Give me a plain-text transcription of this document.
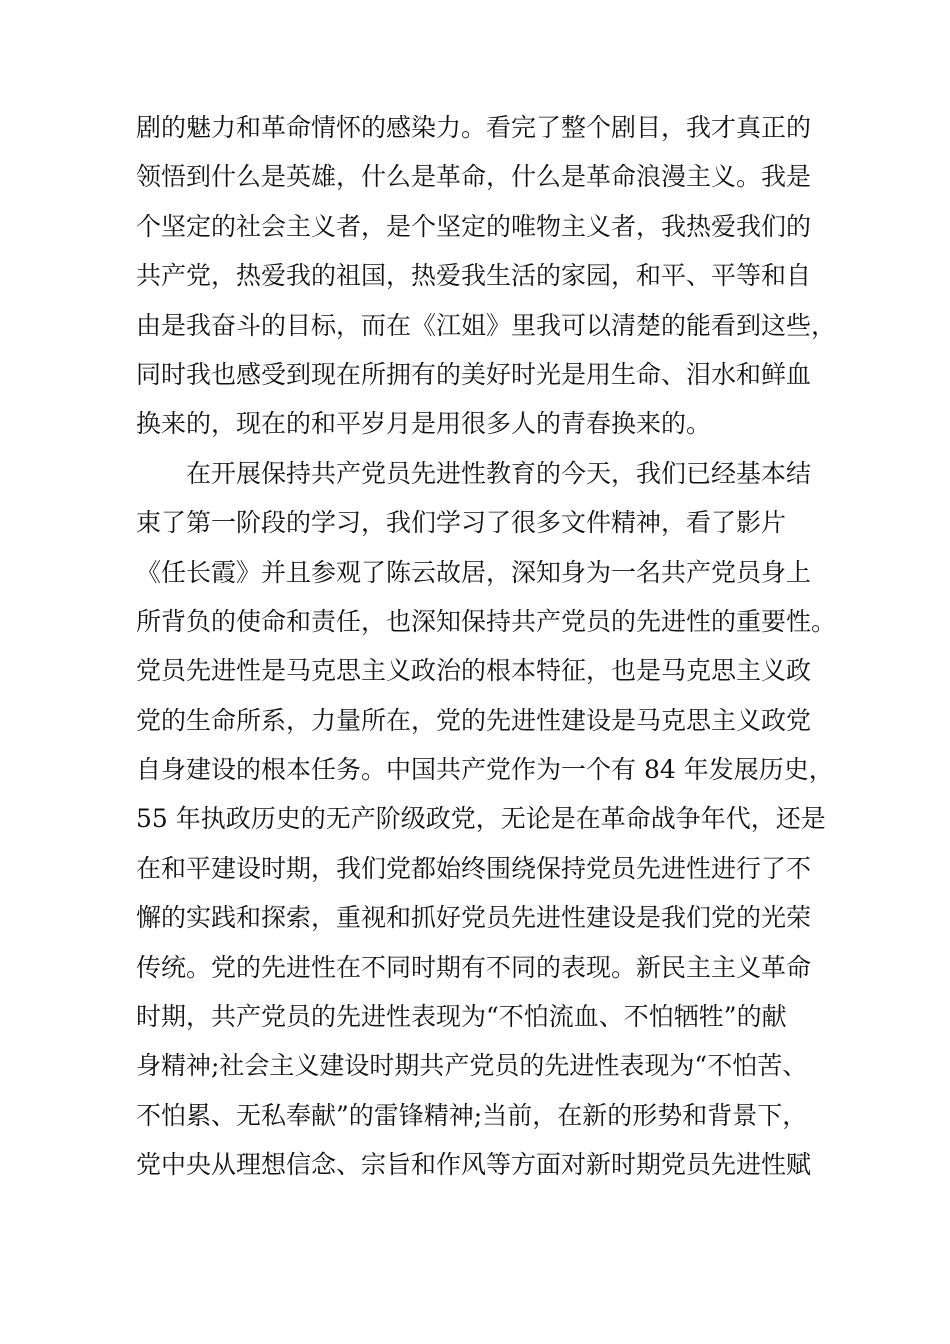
剧的魅力和革命情怀的感染力。看完了整个剧目，我才真正的
领悟到什么是英雄，什么是革命，什么是革命浪漫主义。我是
个坚定的社会主义者，是个坚定的唯物主义者，我热爱我们的
共产党，热爱我的祖国，热爱我生活的家园，和平、平等和自
由是我奋斗的目标，而在《江姐》里我可以清楚的能看到这些，
同时我也感受到现在所拥有的美好时光是用生命、泪水和鲜血
换来的，现在的和平岁月是用很多人的青春换来的。
在开展保持共产党员先进性教育的今天，我们已经基本结
束了第一阶段的学习，我们学习了很多文件精神，看了影片
《任长霞》并且参观了陈云故居，深知身为一名共产党员身上
所背负的使命和责任，也深知保持共产党员的先进性的重要性。
党员先进性是马克思主义政治的根本特征，也是马克思主义政
党的生命所系，力量所在，党的先进性建设是马克思主义政党
自身建设的根本任务。中国共产党作为一个有 84 年发展历史，
55 年执政历史的无产阶级政党，无论是在革命战争年代，还是
在和平建设时期，我们党都始终围绕保持党员先进性进行了不
懈的实践和探索，重视和抓好党员先进性建设是我们党的光荣
传统。党的先进性在不同时期有不同的表现。新民主主义革命
时期，共产党员的先进性表现为“不怕流血、不怕牺牲”的献
身精神;社会主义建设时期共产党员的先进性表现为“不怕苦、
不怕累、无私奉献”的雷锋精神;当前，在新的形势和背景下，
党中央从理想信念、宗旨和作风等方面对新时期党员先进性赋
